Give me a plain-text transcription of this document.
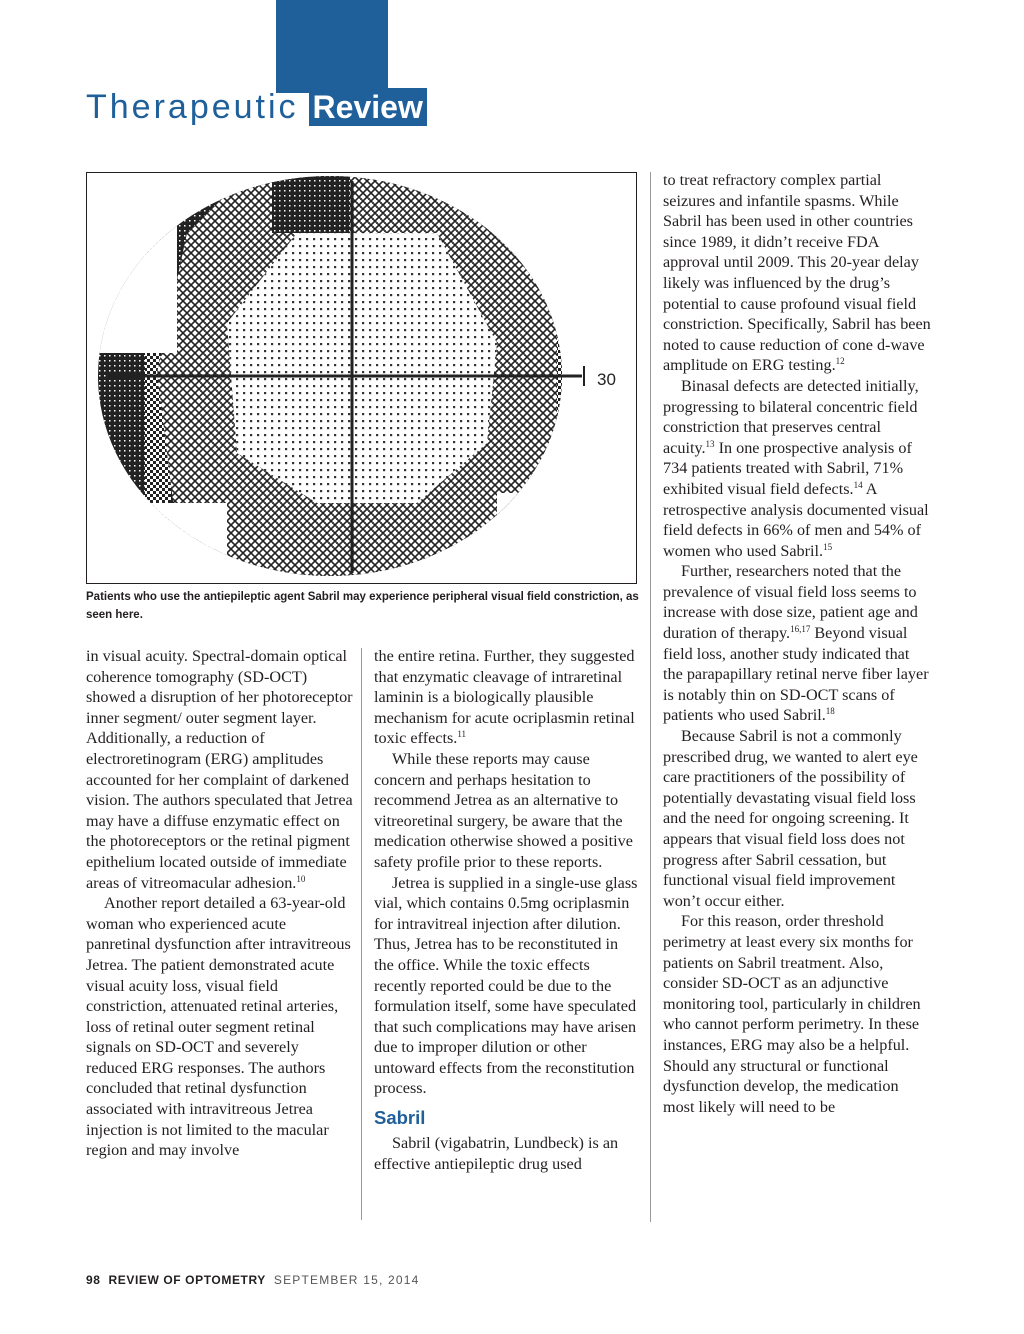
Therapeutic Review
30
Patients who use the antiepileptic agent Sabril may experience peripheral visual field constriction, as seen here.

in visual acuity. Spectral-domain optical coherence tomography (SD-OCT) showed a disruption of her photoreceptor inner segment/ outer segment layer. Additionally, a reduction of electroretinogram (ERG) amplitudes accounted for her complaint of darkened vision. The authors speculated that Jetrea may have a diffuse enzymatic effect on the photoreceptors or the retinal pigment epithelium located outside of immediate areas of vitreomacular adhesion.$^{10}$

Another report detailed a 63-year-old woman who experienced acute panretinal dysfunction after intravitreous Jetrea. The patient demonstrated acute visual acuity loss, visual field constriction, attenuated retinal arteries, loss of retinal outer segment retinal signals on SD-OCT and severely reduced ERG responses. The authors concluded that retinal dysfunction associated with intravitreous Jetrea injection is not limited to the macular region and may involve

the entire retina. Further, they suggested that enzymatic cleavage of intraretinal laminin is a biologically plausible mechanism for acute ocriplasmin retinal toxic effects.$^{11}$

While these reports may cause concern and perhaps hesitation to recommend Jetrea as an alternative to vitreoretinal surgery, be aware that the medication otherwise showed a positive safety profile prior to these reports.

Jetrea is supplied in a single-use glass vial, which contains 0.5mg ocriplasmin for intravitreal injection after dilution. Thus, Jetrea has to be reconstituted in the office. While the toxic effects recently reported could be due to the formulation itself, some have speculated that such complications may have arisen due to improper dilution or other untoward effects from the reconstitution process.

Sabril

Sabril (vigabatrin, Lundbeck) is an effective antiepileptic drug used

to treat refractory complex partial seizures and infantile spasms. While Sabril has been used in other countries since 1989, it didn’t receive FDA approval until 2009. This 20-year delay likely was influenced by the drug’s potential to cause profound visual field constriction. Specifically, Sabril has been noted to cause reduction of cone d-wave amplitude on ERG testing.$^{12}$

Binasal defects are detected initially, progressing to bilateral concentric field constriction that preserves central acuity.$^{13}$ In one prospective analysis of 734 patients treated with Sabril, 71% exhibited visual field defects.$^{14}$ A retrospective analysis documented visual field defects in 66% of men and 54% of women who used Sabril.$^{15}$

Further, researchers noted that the prevalence of visual field loss seems to increase with dose size, patient age and duration of therapy.$^{16,17}$ Beyond visual field loss, another study indicated that the parapapillary retinal nerve fiber layer is notably thin on SD-OCT scans of patients who used Sabril.$^{18}$

Because Sabril is not a commonly prescribed drug, we wanted to alert eye care practitioners of the possibility of potentially devastating visual field loss and the need for ongoing screening. It appears that visual field loss does not progress after Sabril cessation, but functional visual field improvement won’t occur either.

For this reason, order threshold perimetry at least every six months for patients on Sabril treatment. Also, consider SD-OCT as an adjunctive monitoring tool, particularly in children who cannot perform perimetry. In these instances, ERG may also be a helpful. Should any structural or functional dysfunction develop, the medication most likely will need to be

98 REVIEW OF OPTOMETRY SEPTEMBER 15, 2014
